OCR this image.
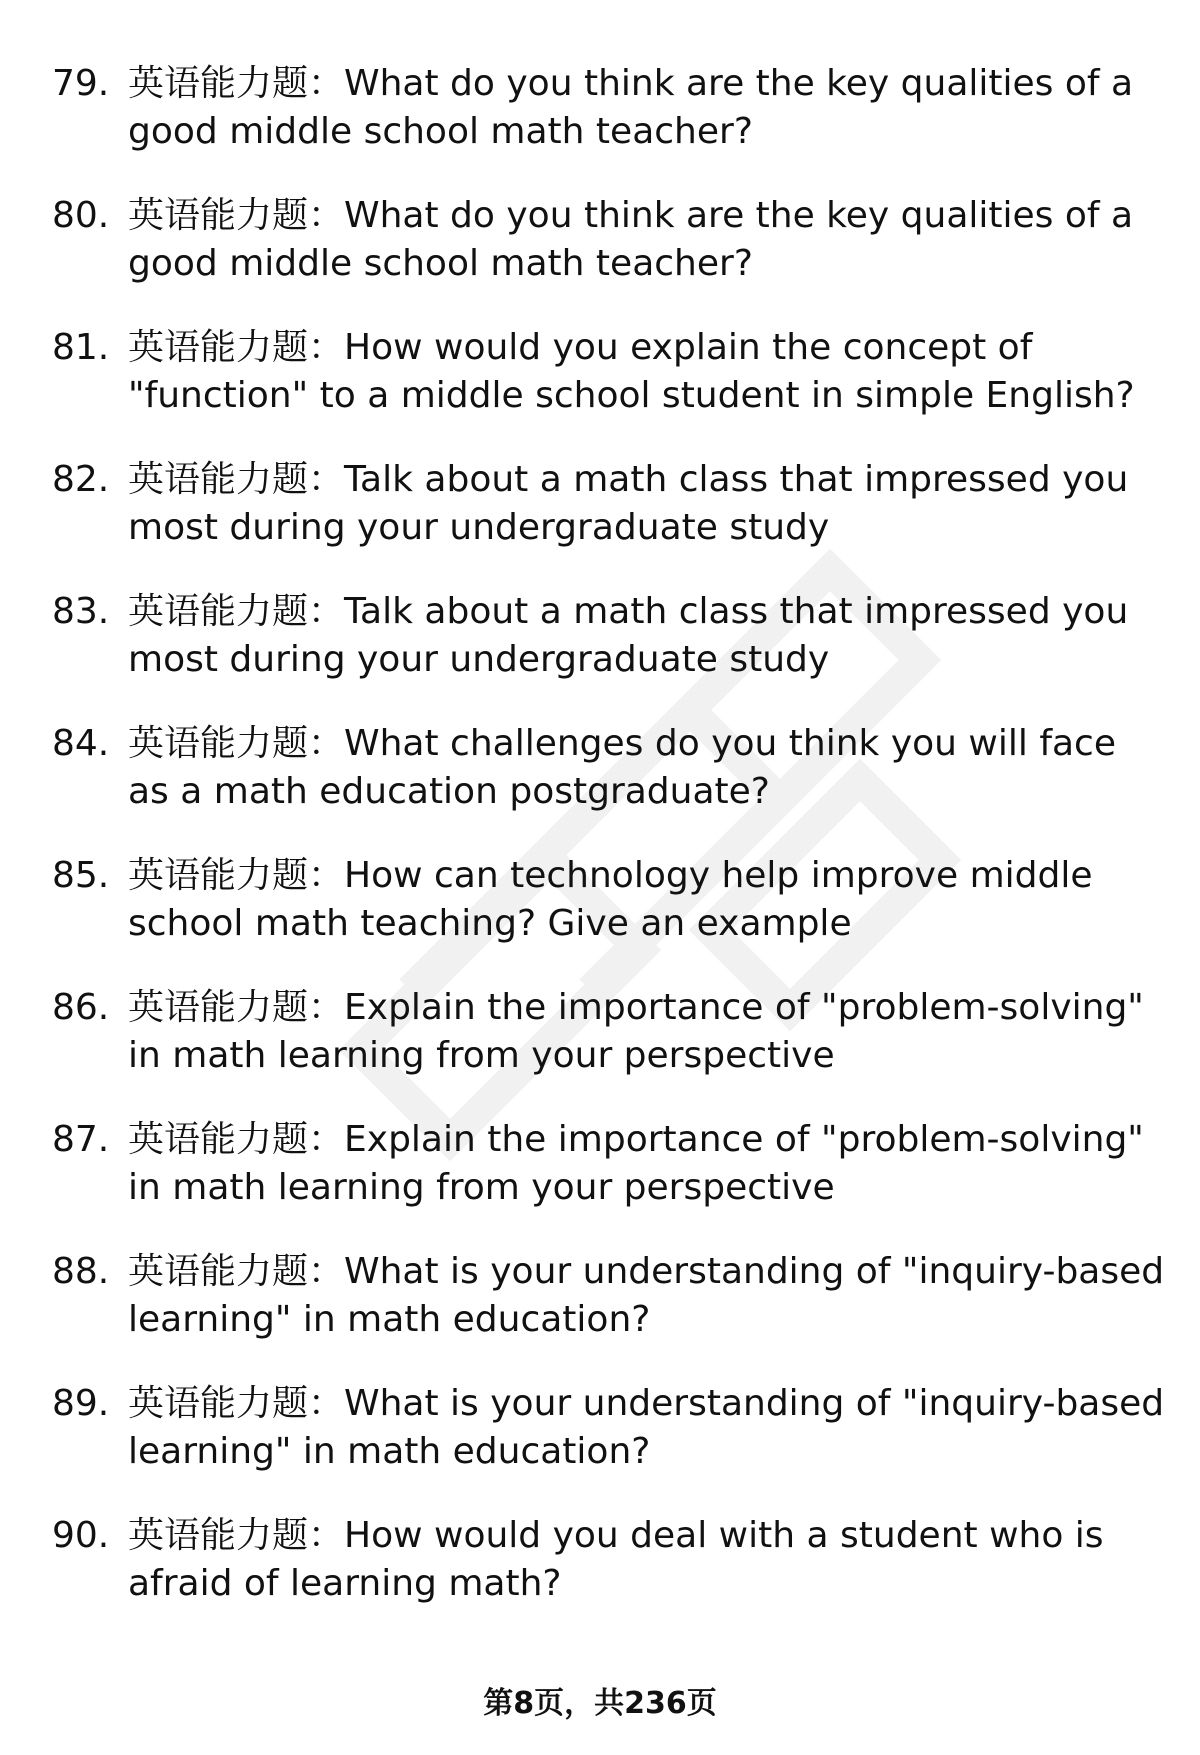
79. 英语能力题：What do you think are the key qualities of a good middle school math teacher?
80. 英语能力题：What do you think are the key qualities of a good middle school math teacher?
81. 英语能力题：How would you explain the concept of "function" to a middle school student in simple English?
82. 英语能力题：Talk about a math class that impressed you most during your undergraduate study
83. 英语能力题：Talk about a math class that impressed you most during your undergraduate study
84. 英语能力题：What challenges do you think you will face as a math education postgraduate?
85. 英语能力题：How can technology help improve middle school math teaching? Give an example
86. 英语能力题：Explain the importance of "problem-solving" in math learning from your perspective
87. 英语能力题：Explain the importance of "problem-solving" in math learning from your perspective
88. 英语能力题：What is your understanding of "inquiry-based learning" in math education?
89. 英语能力题：What is your understanding of "inquiry-based learning" in math education?
90. 英语能力题：How would you deal with a student who is afraid of learning math?
第8页，共236页
